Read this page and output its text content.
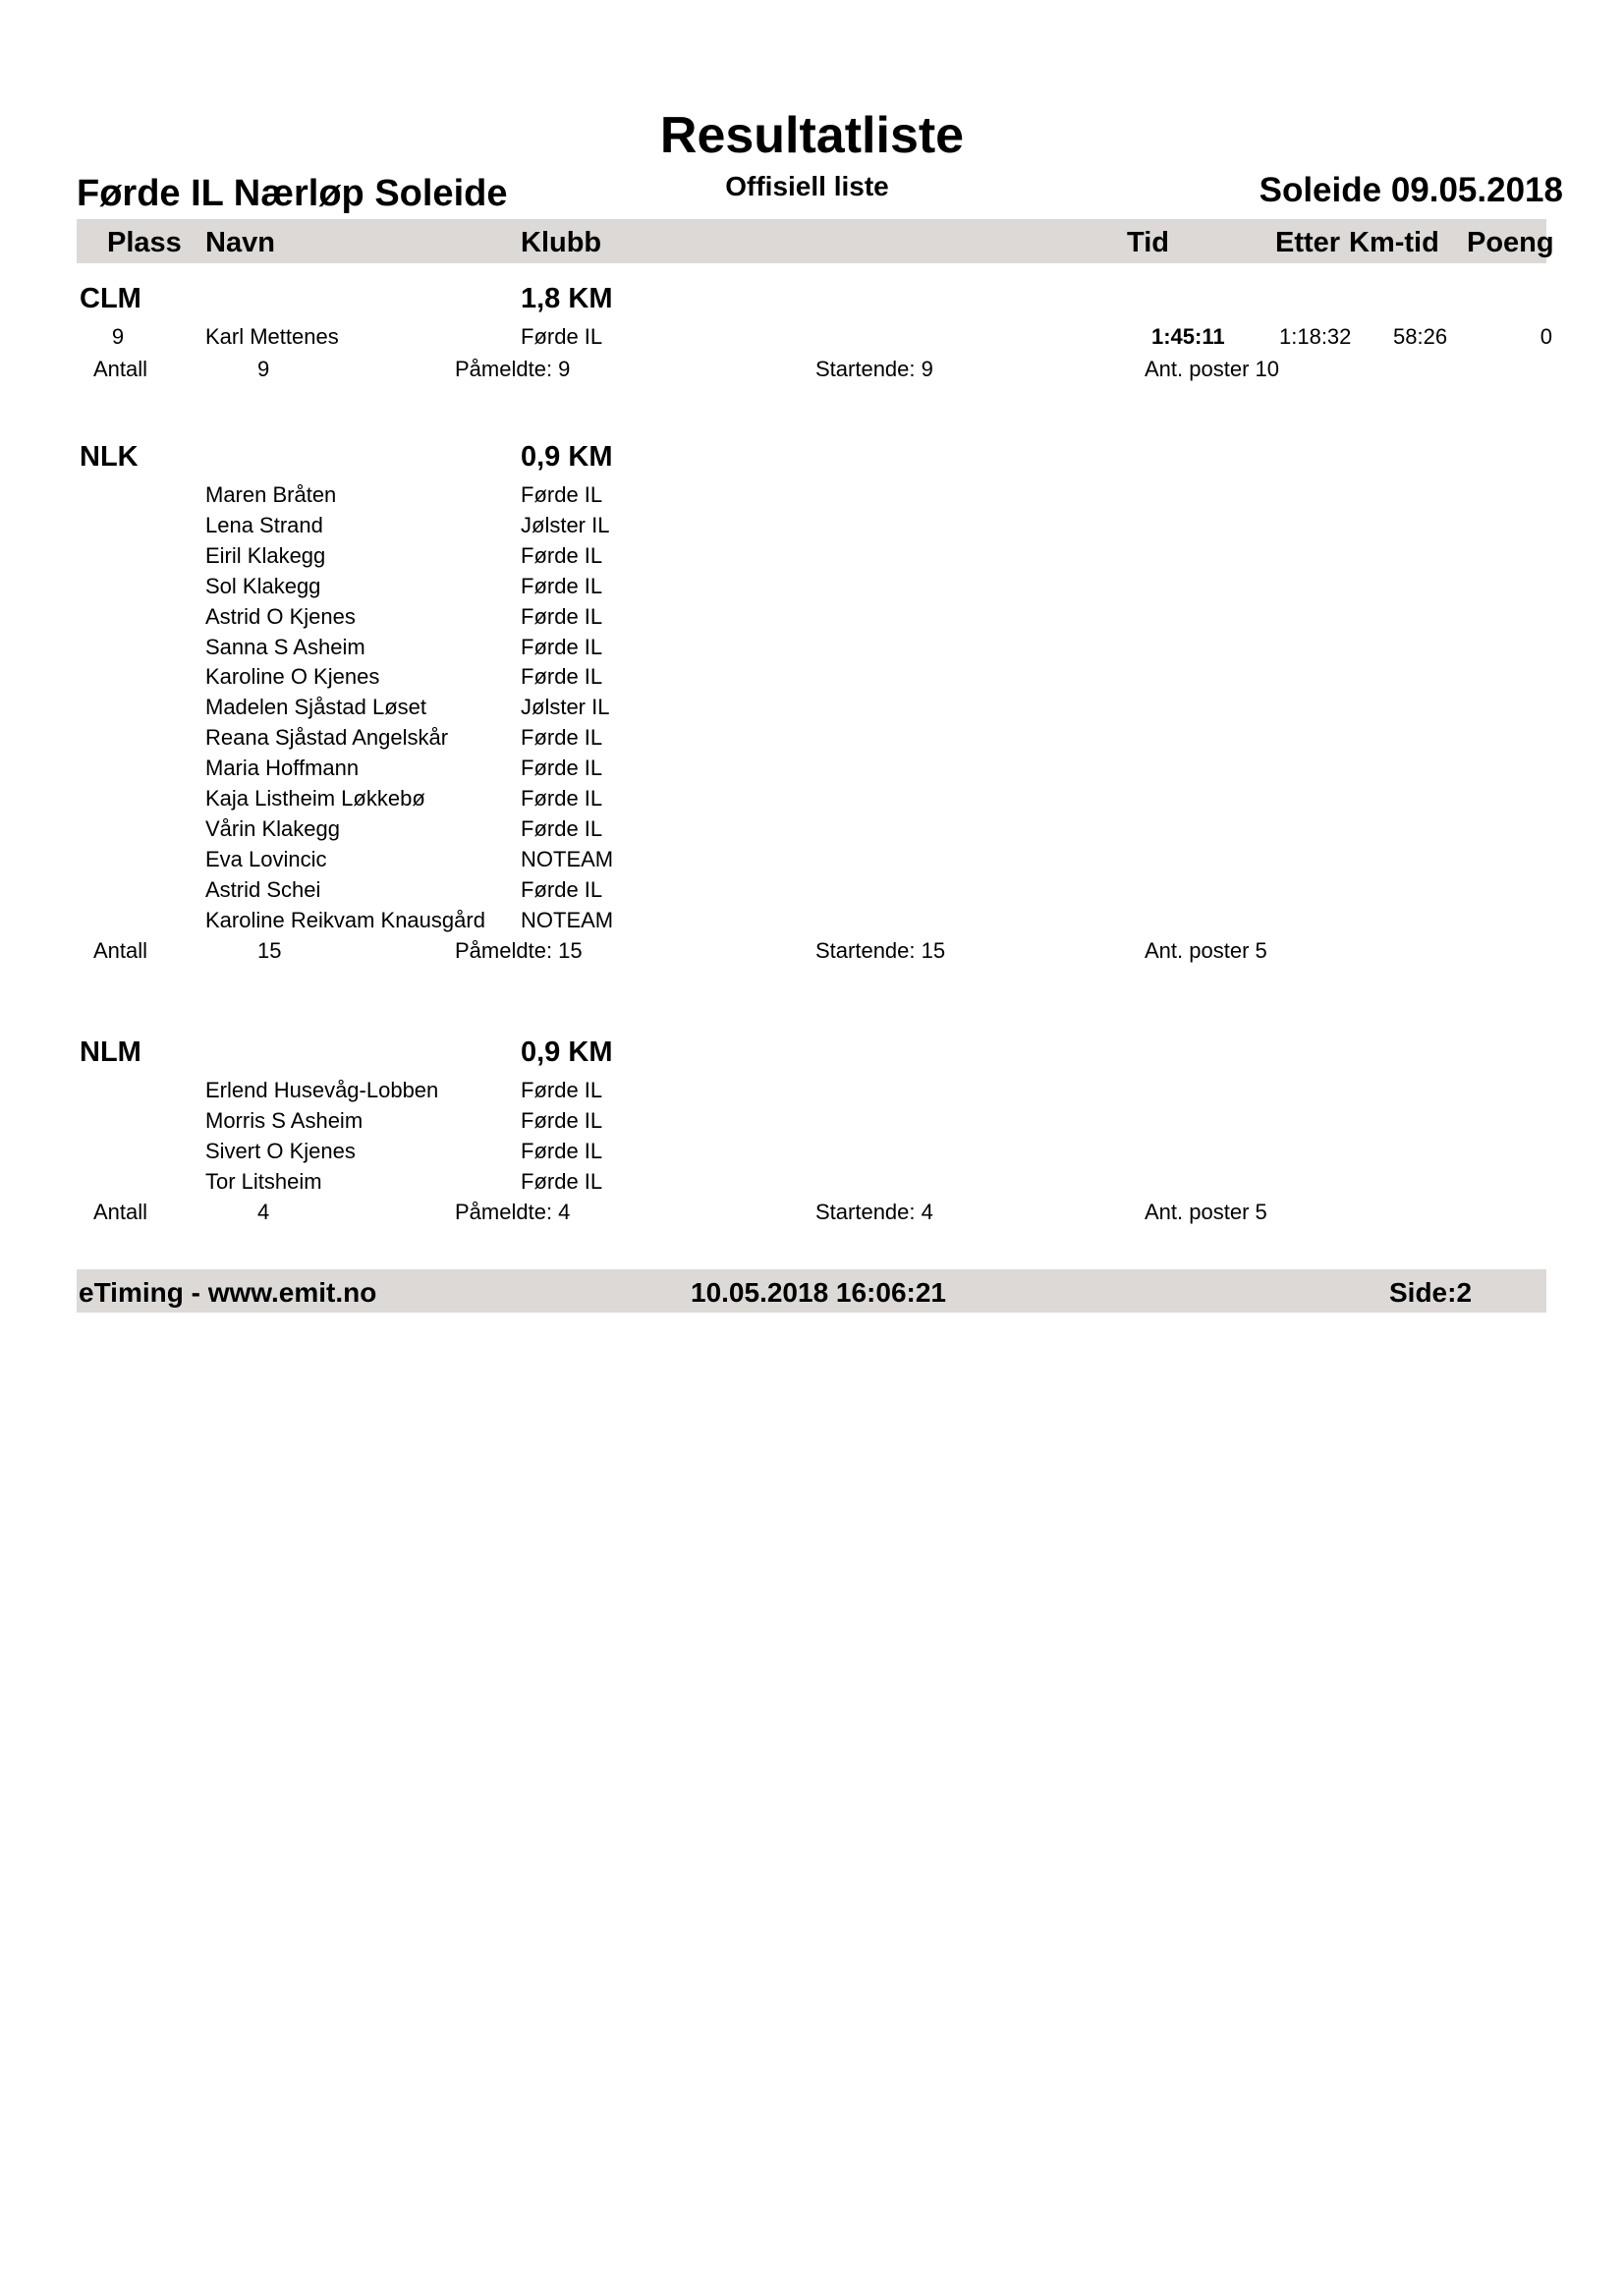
Resultatliste
Førde IL Nærløp Soleide	Offisiell liste	Soleide 09.05.2018
Plass Navn	Klubb	Tid	Etter Km-tid Poeng
CLM	1,8 KM
9	Karl Mettenes	Førde IL	1:45:11	1:18:32 58:26	0
Antall	9	Påmeldte: 9	Startende: 9	Ant. poster 10
NLK	0,9 KM
Maren Bråten	Førde IL
Lena Strand	Jølster IL
Eiril Klakegg	Førde IL
Sol Klakegg	Førde IL
Astrid O Kjenes	Førde IL
Sanna S Asheim	Førde IL
Karoline O Kjenes	Førde IL
Madelen Sjåstad Løset	Jølster IL
Reana Sjåstad Angelskår	Førde IL
Maria Hoffmann	Førde IL
Kaja Listheim Løkkebø	Førde IL
Vårin Klakegg	Førde IL
Eva Lovincic	NOTEAM
Astrid Schei	Førde IL
Karoline Reikvam Knausgård NOTEAM
Antall	15	Påmeldte: 15	Startende: 15	Ant. poster 5
NLM	0,9 KM
Erlend Husevåg-Lobben	Førde IL
Morris S Asheim	Førde IL
Sivert O Kjenes	Førde IL
Tor Litsheim	Førde IL
Antall	4	Påmeldte: 4	Startende: 4	Ant. poster 5
eTiming - www.emit.no	10.05.2018 16:06:21	Side:2
